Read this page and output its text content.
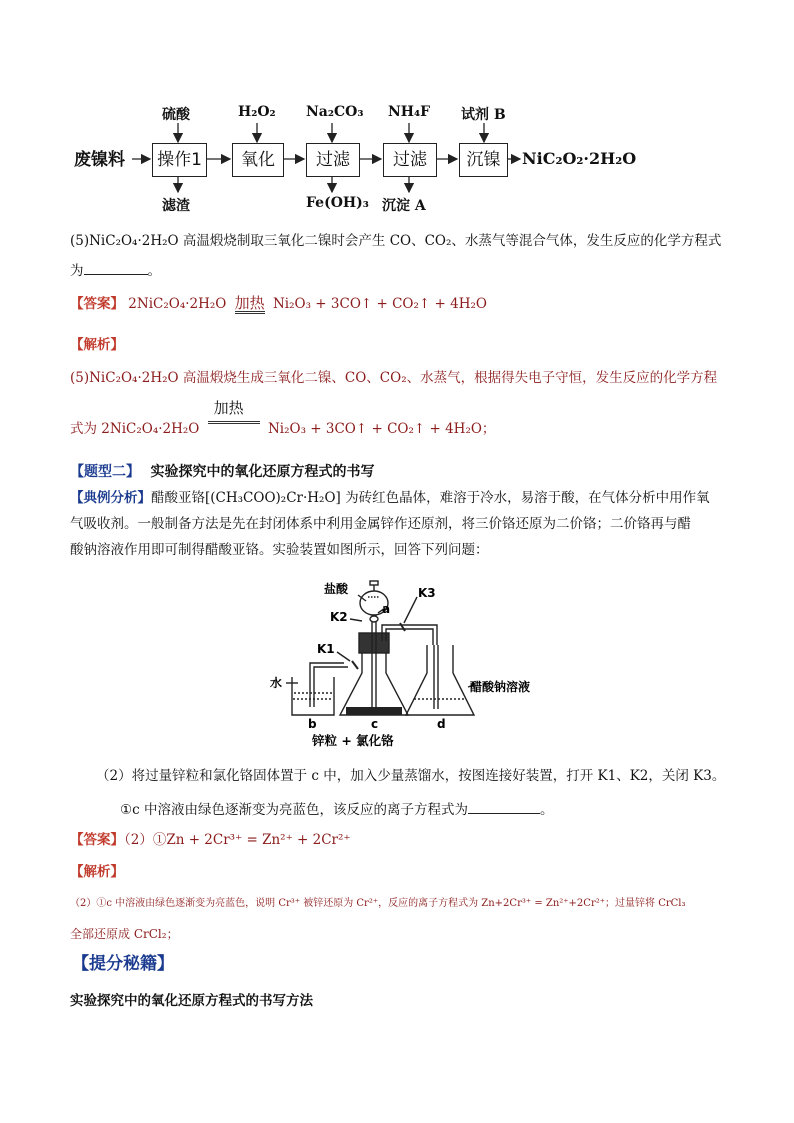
废镍料 操作1	氧化	过滤	过滤	沉镍	NiC₂O₂·2H₂O
硫酸	H₂O₂ Na₂CO₃ NH₄F 试剂 B
滤渣	Fe(OH)₃ 沉淀 A
(5)NiC₂O₄·2H₂O 高温煅烧制取三氧化二镍时会产生 CO、CO₂、水蒸气等混合气体，发生反应的化学方程式
为	。
【答案】 2NiC₂O₄·2H₂O 加热 Ni₂O₃ + 3CO↑ + CO₂↑ + 4H₂O
【解析】
(5)NiC₂O₄·2H₂O 高温煅烧生成三氧化二镍、CO、CO₂、水蒸气，根据得失电子守恒，发生反应的化学方程
式为 2NiC₂O₄·2H₂O
加热
Ni₂O₃ + 3CO↑ + CO₂↑ + 4H₂O；
【题型二】 实验探究中的氧化还原方程式的书写
【典例分析】醋酸亚铬[(CH₃COO)₂Cr·H₂O] 为砖红色晶体，难溶于冷水，易溶于酸，在气体分析中用作氧
气吸收剂。一般制备方法是先在封闭体系中利用金属锌作还原剂，将三价铬还原为二价铬；二价铬再与醋
酸钠溶液作用即可制得醋酸亚铬。实验装置如图所示，回答下列问题：
盐酸	K3
K2
a
K1
水	醋酸钠溶液
b	c	d
锌粒 + 氯化铬
（2）将过量锌粒和氯化铬固体置于 c 中，加入少量蒸馏水，按图连接好装置，打开 K1、K2，关闭 K3。
①c 中溶液由绿色逐渐变为亮蓝色，该反应的离子方程式为	。
【答案】（2）①Zn + 2Cr³⁺ = Zn²⁺ + 2Cr²⁺
【解析】
（2）①c 中溶液由绿色逐渐变为亮蓝色，说明 Cr³⁺ 被锌还原为 Cr²⁺，反应的离子方程式为 Zn+2Cr³⁺ = Zn²⁺+2Cr²⁺；过量锌将 CrCl₃
全部还原成 CrCl₂；
【提分秘籍】
实验探究中的氧化还原方程式的书写方法
